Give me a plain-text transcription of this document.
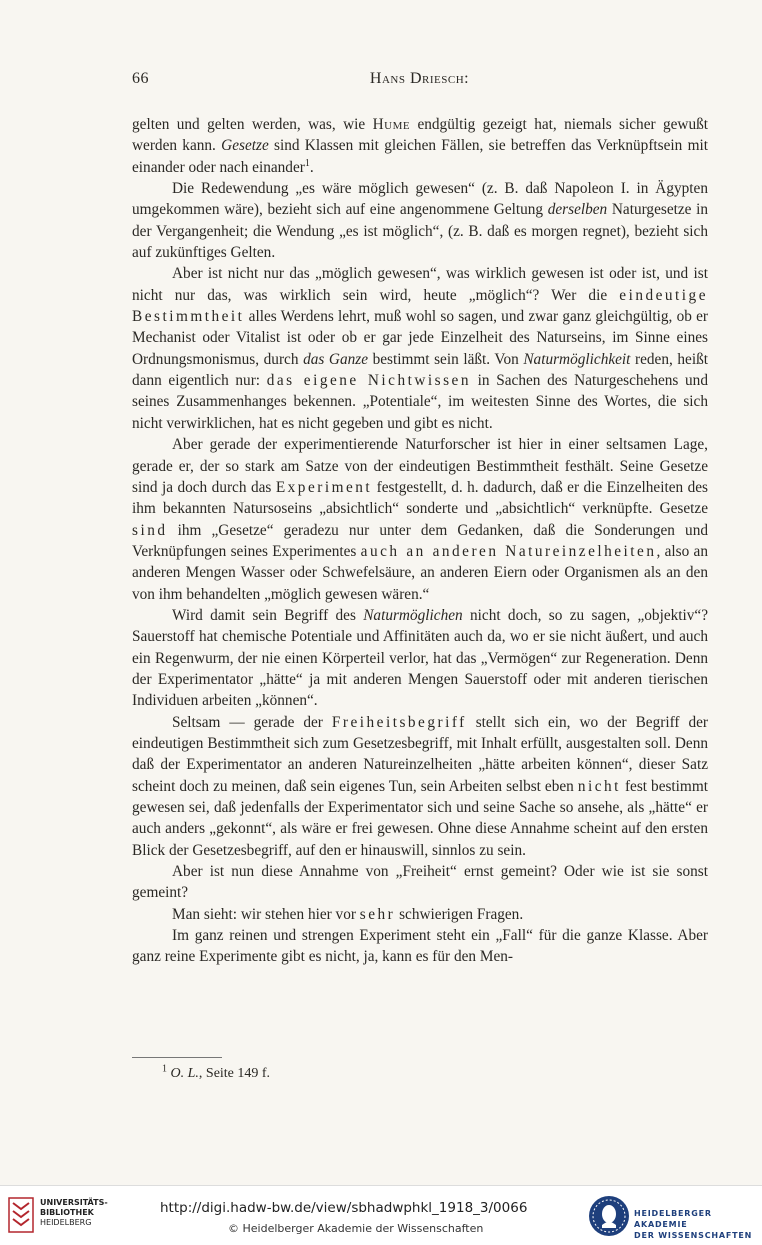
66	Hans Driesch:

gelten und gelten werden, was, wie Hume endgültig gezeigt hat, niemals sicher gewußt werden kann. Gesetze sind Klassen mit gleichen Fällen, sie betreffen das Verknüpftsein mit einander oder nach einander$^1$.

Die Redewendung „es wäre möglich gewesen“ (z. B. daß Napoleon I. in Ägypten umgekommen wäre), bezieht sich auf eine angenommene Geltung derselben Naturgesetze in der Vergangenheit; die Wendung „es ist möglich“, (z. B. daß es morgen regnet), bezieht sich auf zukünftiges Gelten.

Aber ist nicht nur das „möglich gewesen“, was wirklich gewesen ist oder ist, und ist nicht nur das, was wirklich sein wird, heute „möglich“? Wer die eindeutige Bestimmtheit alles Werdens lehrt, muß wohl so sagen, und zwar ganz gleichgültig, ob er Mechanist oder Vitalist ist oder ob er gar jede Einzelheit des Naturseins, im Sinne eines Ordnungsmonismus, durch das Ganze bestimmt sein läßt. Von Naturmöglichkeit reden, heißt dann eigentlich nur: das eigene Nichtwissen in Sachen des Naturgeschehens und seines Zusammenhanges bekennen. „Potentiale“, im weitesten Sinne des Wortes, die sich nicht verwirklichen, hat es nicht gegeben und gibt es nicht.

Aber gerade der experimentierende Naturforscher ist hier in einer seltsamen Lage, gerade er, der so stark am Satze von der eindeutigen Bestimmtheit festhält. Seine Gesetze sind ja doch durch das Experiment festgestellt, d. h. dadurch, daß er die Einzelheiten des ihm bekannten Natursoseins „absichtlich“ sonderte und „absichtlich“ verknüpfte. Gesetze sind ihm „Gesetze“ geradezu nur unter dem Gedanken, daß die Sonderungen und Verknüpfungen seines Experimentes auch an anderen Natureinzelheiten, also an anderen Mengen Wasser oder Schwefelsäure, an anderen Eiern oder Organismen als an den von ihm behandelten „möglich gewesen wären.“

Wird damit sein Begriff des Naturmöglichen nicht doch, so zu sagen, „objektiv“? Sauerstoff hat chemische Potentiale und Affinitäten auch da, wo er sie nicht äußert, und auch ein Regenwurm, der nie einen Körperteil verlor, hat das „Vermögen“ zur Regeneration. Denn der Experimentator „hätte“ ja mit anderen Mengen Sauerstoff oder mit anderen tierischen Individuen arbeiten „können“.

Seltsam — gerade der Freiheitsbegriff stellt sich ein, wo der Begriff der eindeutigen Bestimmtheit sich zum Gesetzesbegriff, mit Inhalt erfüllt, ausgestalten soll. Denn daß der Experimentator an anderen Natureinzelheiten „hätte arbeiten können“, dieser Satz scheint doch zu meinen, daß sein eigenes Tun, sein Arbeiten selbst eben nicht fest bestimmt gewesen sei, daß jedenfalls der Experimentator sich und seine Sache so ansehe, als „hätte“ er auch anders „gekonnt“, als wäre er frei gewesen. Ohne diese Annahme scheint auf den ersten Blick der Gesetzesbegriff, auf den er hinauswill, sinnlos zu sein.

Aber ist nun diese Annahme von „Freiheit“ ernst gemeint? Oder wie ist sie sonst gemeint?

Man sieht: wir stehen hier vor sehr schwierigen Fragen.

Im ganz reinen und strengen Experiment steht ein „Fall“ für die ganze Klasse. Aber ganz reine Experimente gibt es nicht, ja, kann es für den Men-

$^1$ O. L., Seite 149 f.
UNIVERSITÄTS-
BIBLIOTHEK
HEIDELBERG
http://digi.hadw-bw.de/view/sbhadwphkl_1918_3/0066
© Heidelberger Akademie der Wissenschaften
HEIDELBERGER AKADEMIE
DER WISSENSCHAFTEN
